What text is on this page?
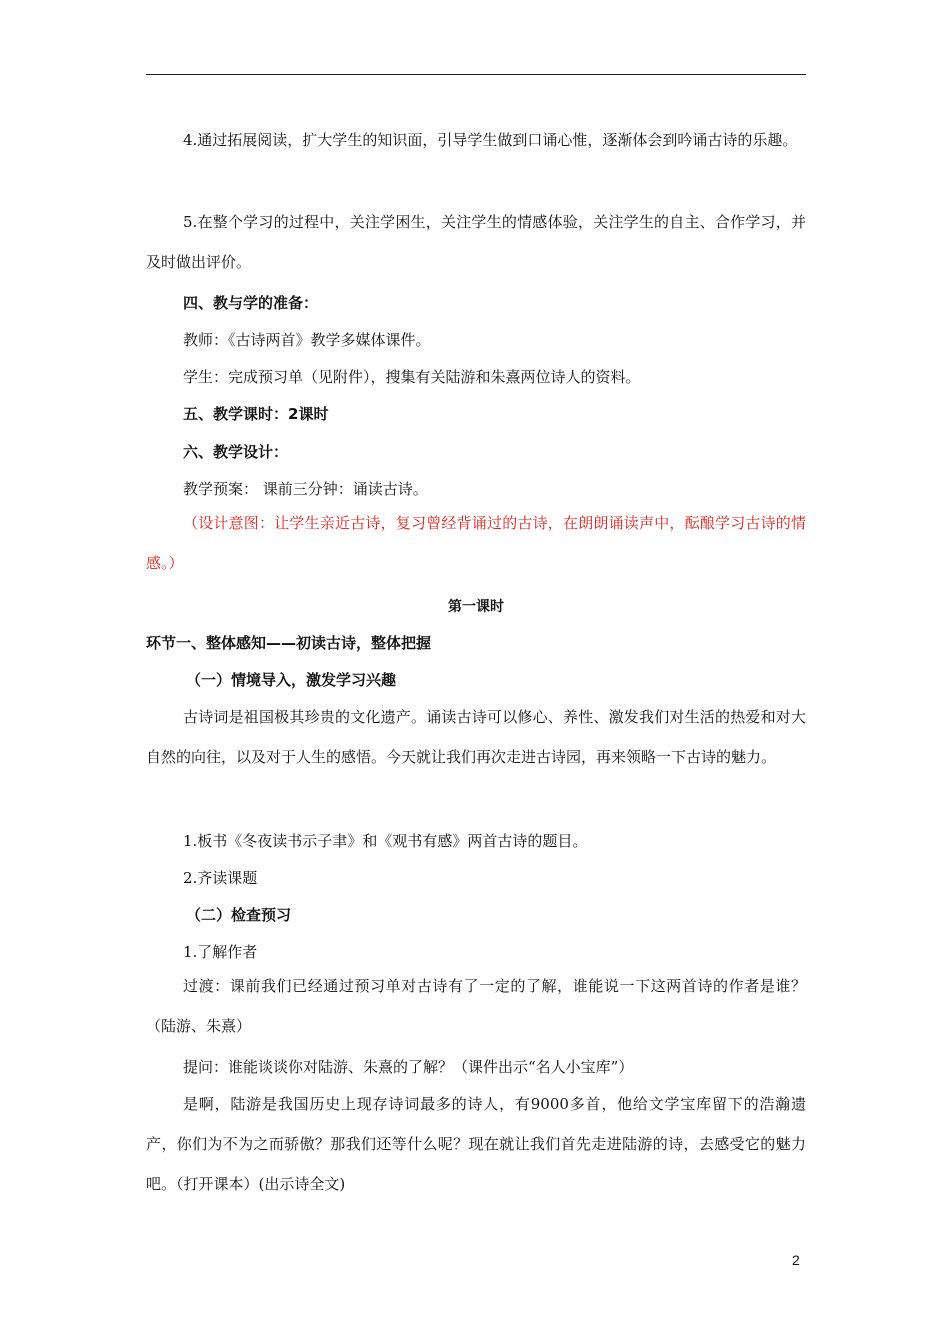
4.通过拓展阅读，扩大学生的知识面，引导学生做到口诵心惟，逐渐体会到吟诵古诗的乐趣。
5.在整个学习的过程中，关注学困生，关注学生的情感体验，关注学生的自主、合作学习，并及时做出评价。
四、教与学的准备：
教师：《古诗两首》教学多媒体课件。
学生：完成预习单（见附件），搜集有关陆游和朱熹两位诗人的资料。
五、教学课时：2课时
六、教学设计：
教学预案： 课前三分钟：诵读古诗。
（设计意图：让学生亲近古诗，复习曾经背诵过的古诗，在朗朗诵读声中，酝酿学习古诗的情感。）
第一课时
环节一、整体感知——初读古诗，整体把握
（一）情境导入，激发学习兴趣
古诗词是祖国极其珍贵的文化遗产。诵读古诗可以修心、养性、激发我们对生活的热爱和对大自然的向往，以及对于人生的感悟。今天就让我们再次走进古诗园，再来领略一下古诗的魅力。
1.板书《冬夜读书示子聿》和《观书有感》两首古诗的题目。
2.齐读课题
（二）检查预习
1.了解作者
过渡：课前我们已经通过预习单对古诗有了一定的了解，谁能说一下这两首诗的作者是谁？（陆游、朱熹）
提问：谁能谈谈你对陆游、朱熹的了解？（课件出示“名人小宝库”）
是啊，陆游是我国历史上现存诗词最多的诗人，有9000多首，他给文学宝库留下的浩瀚遗产，你们为不为之而骄傲？那我们还等什么呢？现在就让我们首先走进陆游的诗，去感受它的魅力吧。（打开课本）(出示诗全文)
2
